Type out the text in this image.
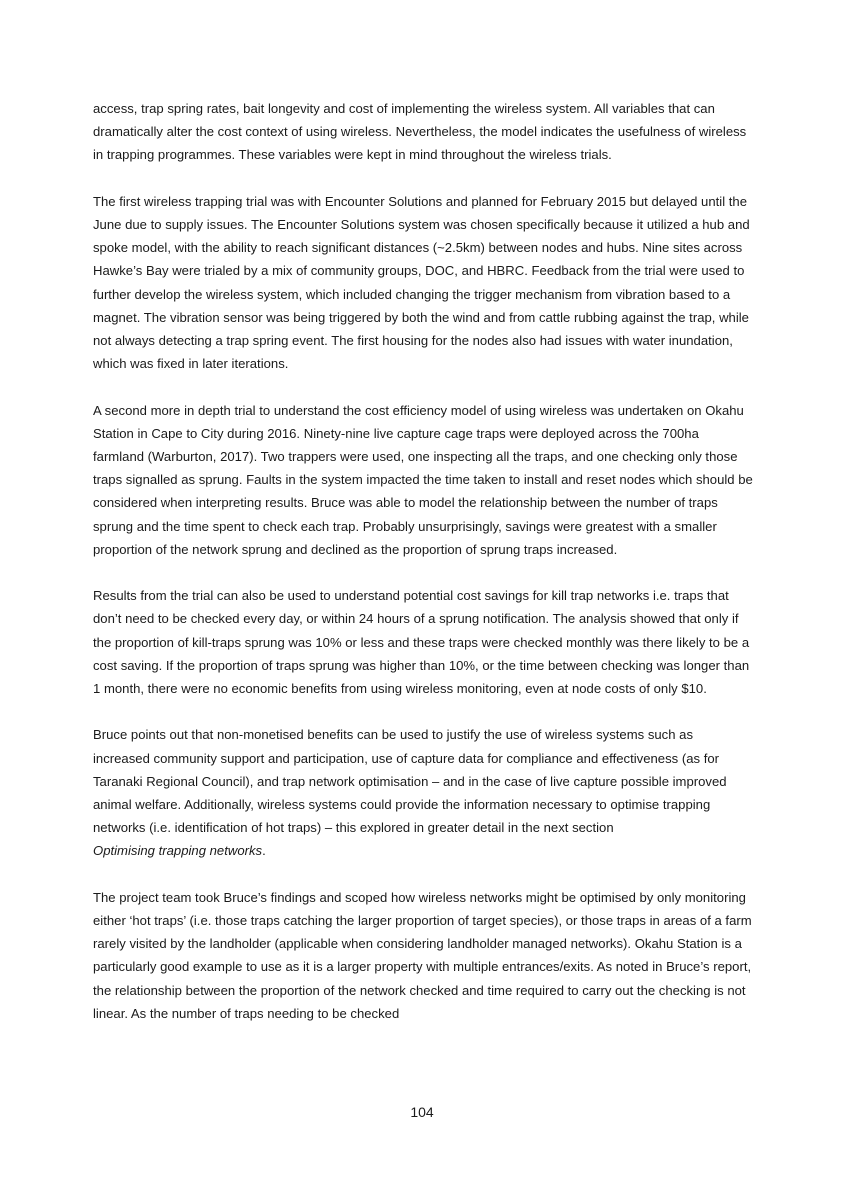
access, trap spring rates, bait longevity and cost of implementing the wireless system. All variables that can dramatically alter the cost context of using wireless. Nevertheless, the model indicates the usefulness of wireless in trapping programmes. These variables were kept in mind throughout the wireless trials.

The first wireless trapping trial was with Encounter Solutions and planned for February 2015 but delayed until the June due to supply issues. The Encounter Solutions system was chosen specifically because it utilized a hub and spoke model, with the ability to reach significant distances (~2.5km) between nodes and hubs. Nine sites across Hawke’s Bay were trialed by a mix of community groups, DOC, and HBRC. Feedback from the trial were used to further develop the wireless system, which included changing the trigger mechanism from vibration based to a magnet. The vibration sensor was being triggered by both the wind and from cattle rubbing against the trap, while not always detecting a trap spring event. The first housing for the nodes also had issues with water inundation, which was fixed in later iterations.

A second more in depth trial to understand the cost efficiency model of using wireless was undertaken on Okahu Station in Cape to City during 2016. Ninety-nine live capture cage traps were deployed across the 700ha farmland (Warburton, 2017). Two trappers were used, one inspecting all the traps, and one checking only those traps signalled as sprung. Faults in the system impacted the time taken to install and reset nodes which should be considered when interpreting results. Bruce was able to model the relationship between the number of traps sprung and the time spent to check each trap. Probably unsurprisingly, savings were greatest with a smaller proportion of the network sprung and declined as the proportion of sprung traps increased.

Results from the trial can also be used to understand potential cost savings for kill trap networks i.e. traps that don’t need to be checked every day, or within 24 hours of a sprung notification. The analysis showed that only if the proportion of kill-traps sprung was 10% or less and these traps were checked monthly was there likely to be a cost saving. If the proportion of traps sprung was higher than 10%, or the time between checking was longer than 1 month, there were no economic benefits from using wireless monitoring, even at node costs of only $10.

Bruce points out that non-monetised benefits can be used to justify the use of wireless systems such as increased community support and participation, use of capture data for compliance and effectiveness (as for Taranaki Regional Council), and trap network optimisation – and in the case of live capture possible improved animal welfare. Additionally, wireless systems could provide the information necessary to optimise trapping networks (i.e. identification of hot traps) – this explored in greater detail in the next section
Optimising trapping networks.

The project team took Bruce’s findings and scoped how wireless networks might be optimised by only monitoring either ‘hot traps’ (i.e. those traps catching the larger proportion of target species), or those traps in areas of a farm rarely visited by the landholder (applicable when considering landholder managed networks). Okahu Station is a particularly good example to use as it is a larger property with multiple entrances/exits. As noted in Bruce’s report, the relationship between the proportion of the network checked and time required to carry out the checking is not linear. As the number of traps needing to be checked

104
